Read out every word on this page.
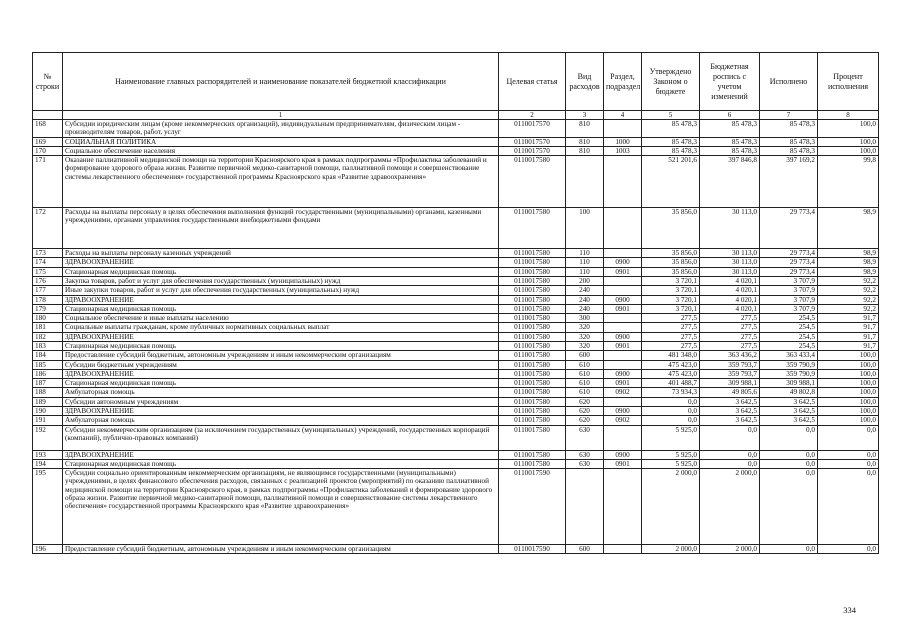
№ строки	Наименование главных распорядителей и наименование показателей бюджетной классификации	Целевая статья	Вид расходов	Раздел, подраздел	Утверждено Законом о бюджете	Бюджетная роспись с учетом изменений	Исполнено	Процент исполнения
	1	2	3	4	5	6	7	8
168	Субсидии юридическим лицам (кроме некоммерческих организаций), индивидуальным предпринимателям, физическим лицам - производителям товаров, работ, услуг	0110017570	810		85 478,3	85 478,3	85 478,3	100,0
169	СОЦИАЛЬНАЯ ПОЛИТИКА	0110017570	810	1000	85 478,3	85 478,3	85 478,3	100,0
170	Социальное обеспечение населения	0110017570	810	1003	85 478,3	85 478,3	85 478,3	100,0
171	Оказание паллиативной медицинской помощи на территории Красноярского края в рамках подпрограммы «Профилактика заболеваний и формирование здорового образа жизни. Развитие первичной медико-санитарной помощи, паллиативной помощи и совершенствование системы лекарственного обеспечения» государственной программы Красноярского края «Развитие здравоохранения»	0110017580			521 201,6	397 846,8	397 169,2	99,8
172	Расходы на выплаты персоналу в целях обеспечения выполнения функций государственными (муниципальными) органами, казенными учреждениями, органами управления государственными внебюджетными фондами	0110017580	100		35 856,0	30 113,0	29 773,4	98,9
173	Расходы на выплаты персоналу казенных учреждений	0110017580	110		35 856,0	30 113,0	29 773,4	98,9
174	ЗДРАВООХРАНЕНИЕ	0110017580	110	0900	35 856,0	30 113,0	29 773,4	98,9
175	Стационарная медицинская помощь	0110017580	110	0901	35 856,0	30 113,0	29 773,4	98,9
176	Закупка товаров, работ и услуг для обеспечения государственных (муниципальных) нужд	0110017580	200		3 720,1	4 020,1	3 707,9	92,2
177	Иные закупки товаров, работ и услуг для обеспечения государственных (муниципальных) нужд	0110017580	240		3 720,1	4 020,1	3 707,9	92,2
178	ЗДРАВООХРАНЕНИЕ	0110017580	240	0900	3 720,1	4 020,1	3 707,9	92,2
179	Стационарная медицинская помощь	0110017580	240	0901	3 720,1	4 020,1	3 707,9	92,2
180	Социальное обеспечение и иные выплаты населению	0110017580	300		277,5	277,5	254,5	91,7
181	Социальные выплаты гражданам, кроме публичных нормативных социальных выплат	0110017580	320		277,5	277,5	254,5	91,7
182	ЗДРАВООХРАНЕНИЕ	0110017580	320	0900	277,5	277,5	254,5	91,7
183	Стационарная медицинская помощь	0110017580	320	0901	277,5	277,5	254,5	91,7
184	Предоставление субсидий бюджетным, автономным учреждениям и иным некоммерческим организациям	0110017580	600		481 348,0	363 436,2	363 433,4	100,0
185	Субсидии бюджетным учреждениям	0110017580	610		475 423,0	359 793,7	359 790,9	100,0
186	ЗДРАВООХРАНЕНИЕ	0110017580	610	0900	475 423,0	359 793,7	359 790,9	100,0
187	Стационарная медицинская помощь	0110017580	610	0901	401 488,7	309 988,1	309 988,1	100,0
188	Амбулаторная помощь	0110017580	610	0902	73 934,3	49 805,6	49 802,8	100,0
189	Субсидии автономным учреждениям	0110017580	620		0,0	3 642,5	3 642,5	100,0
190	ЗДРАВООХРАНЕНИЕ	0110017580	620	0900	0,0	3 642,5	3 642,5	100,0
191	Амбулаторная помощь	0110017580	620	0902	0,0	3 642,5	3 642,5	100,0
192	Субсидии некоммерческим организациям (за исключением государственных (муниципальных) учреждений, государственных корпораций (компаний), публично-правовых компаний)	0110017580	630		5 925,0	0,0	0,0	0,0
193	ЗДРАВООХРАНЕНИЕ	0110017580	630	0900	5 925,0	0,0	0,0	0,0
194	Стационарная медицинская помощь	0110017580	630	0901	5 925,0	0,0	0,0	0,0
195	Субсидии социально ориентированным некоммерческим организациям, не являющимся государственными (муниципальными) учреждениями, в целях финансового обеспечения расходов, связанных с реализацией проектов (мероприятий) по оказанию паллиативной медицинской помощи на территории Красноярского края, в рамках подпрограммы «Профилактика заболеваний и формирование здорового образа жизни. Развитие первичной медико-санитарной помощи, паллиативной помощи и совершенствование системы лекарственного обеспечения» государственной программы Красноярского края «Развитие здравоохранения»	0110017590			2 000,0	2 000,0	0,0	0,0
196	Предоставление субсидий бюджетным, автономным учреждениям и иным некоммерческим организациям	0110017590	600		2 000,0	2 000,0	0,0	0,0
334
